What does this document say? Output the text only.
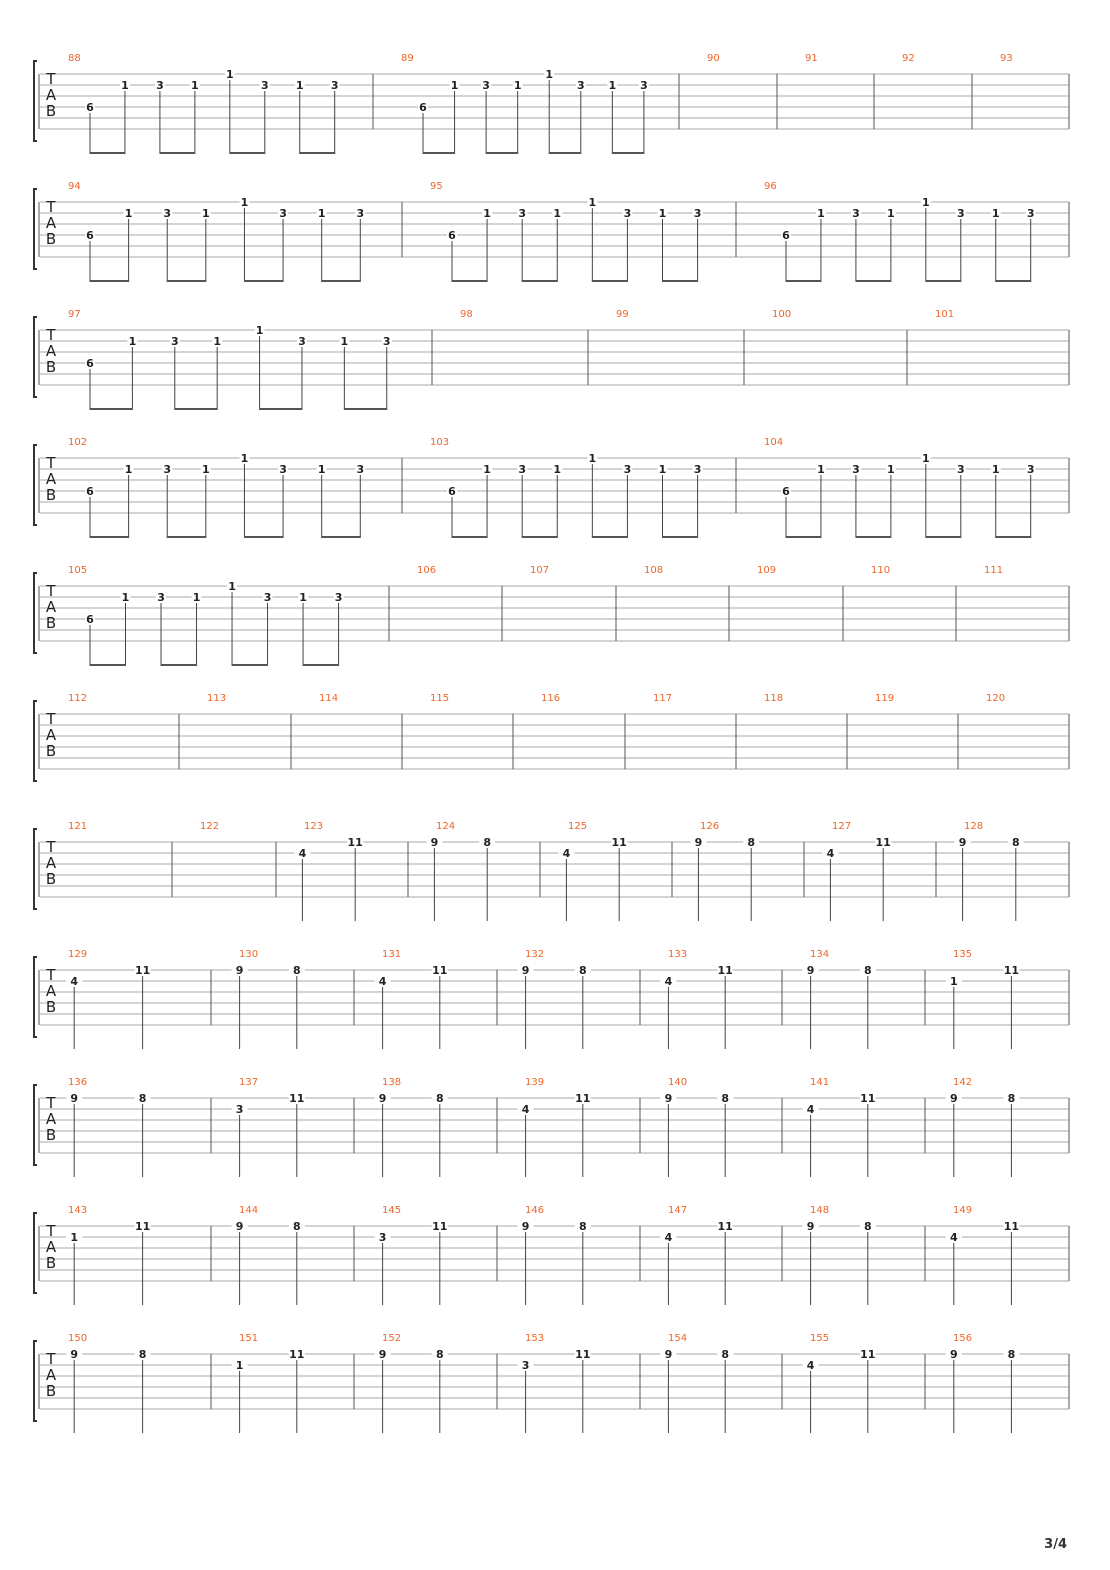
T
A
B
88
6
1 3 1
1
3 1 3
89
6
1 3 1
1
3 1 3
90	91	92	93
T
A
B
94
6
1	3	1
1
3	1	3
95
6
1 3 1
1
3 1 3
96
6
1 3 1
1
3 1 3
T
A
B
97
6
1	3	1
1
3	1	3
98	99	100	101
T
A
B
102
6
1	3	1
1
3	1	3
103
6
1 3 1
1
3 1 3
104
6
1 3 1
1
3 1 3
T
A
B
105
6
1	3	1
1
3	1	3
106	107	108	109	110	111
T
A
B
112	113	114	115	116	117	118	119	120
T
A
B
121	122	123
4
11
124
9	8
125
4
11
126
9	8
127
4
11
128
9	8
T
A
B
129
4
11
130
9	8
131
4
11
132
9	8
133
4
11
134
9	8
135
1
11
T
A
B
136
9	8
137
3
11
138
9	8
139
4
11
140
9	8
141
4
11
142
9	8
T
A
B
143
1
11
144
9	8
145
3
11
146
9	8
147
4
11
148
9	8
149
4
11
T
A
B
150
9	8
151
1
11
152
9	8
153
3
11
154
9	8
155
4
11
156
9	8
3/4
